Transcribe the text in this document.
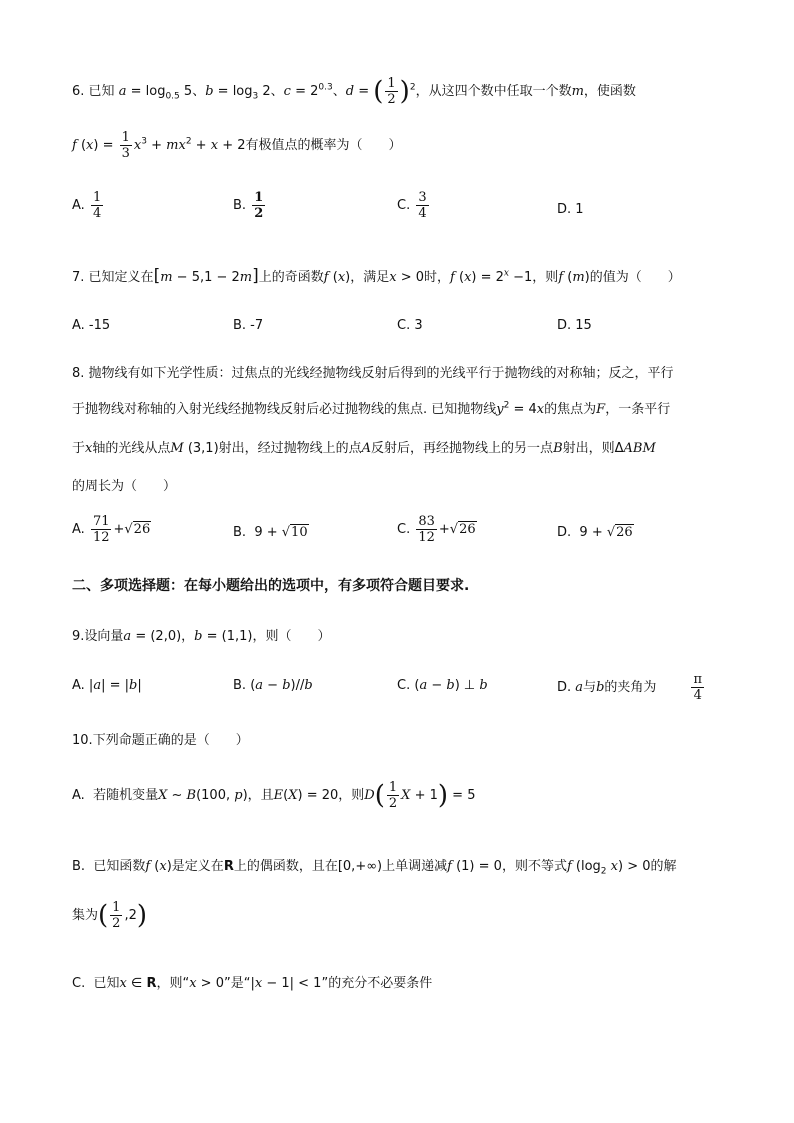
6. 已知 $a = \log_{0.5} 5$、$b = \log_3 2$、$c = 2^{0.3}$、d = ( $\frac{1}{2} )^2$，从这四个数中任取一个数m，使函数
f $(x) = \frac{1}{3} x^3 + mx^2 + x + 2$有极值点的概率为（　　）
A. $\frac{1}{4}$	B. $\frac{1}{2}$	C. $\frac{3}{4}$	D. 1
7. 已知定义在[m − 5,1 − 2m]上的奇函数f (x)，满足x > 0时，f $(x) = 2^x -1$，则f (m)的值为（　　）
A. -15	B. -7	C. 3	D. 15
8. 抛物线有如下光学性质：过焦点的光线经抛物线反射后得到的光线平行于抛物线的对称轴；反之，平行
于抛物线对称轴的入射光线经抛物线反射后必过抛物线的焦点. 已知抛物线$y^2 = 4x$的焦点为F，一条平行
于x轴的光线从点M (3,1)射出，经过抛物线上的点A反射后，再经抛物线上的另一点B射出，则ΔABM
的周长为（　　）
A. $\frac{71}{12} +√26$	B.  9 + √10	C. $\frac{83}{12} +√26$	D.  9 + √26
二、多项选择题：在每小题给出的选项中，有多项符合题目要求.
9.设向量a = (2,0)，b = (1,1)，则（　　）
A. |a| = |b|	B. (a − b)//b	C. (a − b) ⊥ b	D. a与b的夹角为	$\frac{\pi}{4}$
10.下列命题正确的是（　　）
A. 若随机变量X ~ B(100, p)，且E(X) = 20，则$D( \frac{1}{2}$ X + 1) = 5
B. 已知函数f (x)是定义在R上的偶函数，且在[0,+∞)上单调递减f (1) = 0，则不等式f ($\log_2$ x) > 0的解
集为( $\frac{1}{2} ,2$)
C. 已知x ∈ R，则“x > 0”是“|x − 1| < 1”的充分不必要条件
